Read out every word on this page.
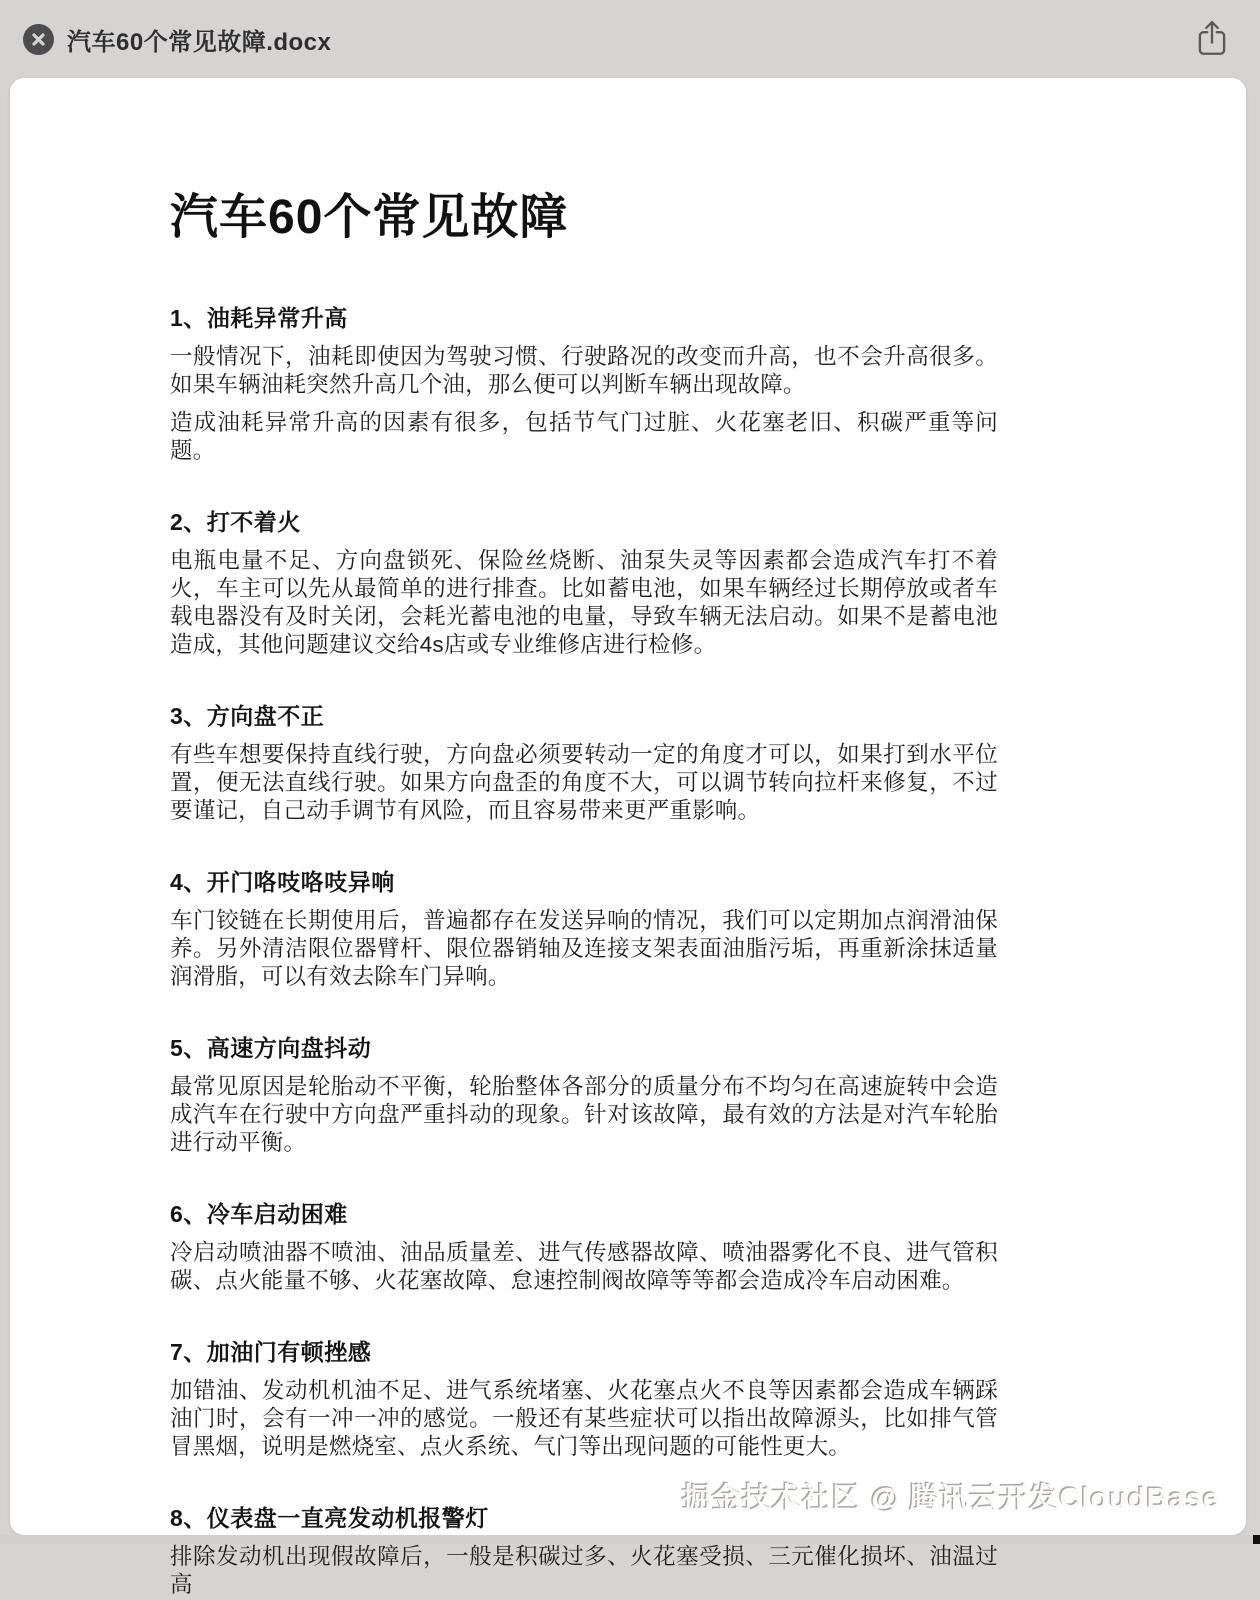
汽车60个常见故障.docx
汽车60个常见故障
1、油耗异常升高

一般情况下，油耗即使因为驾驶习惯、行驶路况的改变而升高，也不会升高很多。如果车辆油耗突然升高几个油，那么便可以判断车辆出现故障。

造成油耗异常升高的因素有很多，包括节气门过脏、火花塞老旧、积碳严重等问题。

2、打不着火

电瓶电量不足、方向盘锁死、保险丝烧断、油泵失灵等因素都会造成汽车打不着火，车主可以先从最简单的进行排查。比如蓄电池，如果车辆经过长期停放或者车载电器没有及时关闭，会耗光蓄电池的电量，导致车辆无法启动。如果不是蓄电池造成，其他问题建议交给4s店或专业维修店进行检修。

3、方向盘不正

有些车想要保持直线行驶，方向盘必须要转动一定的角度才可以，如果打到水平位置，便无法直线行驶。如果方向盘歪的角度不大，可以调节转向拉杆来修复，不过要谨记，自己动手调节有风险，而且容易带来更严重影响。

4、开门咯吱咯吱异响

车门铰链在长期使用后，普遍都存在发送异响的情况，我们可以定期加点润滑油保养。另外清洁限位器臂杆、限位器销轴及连接支架表面油脂污垢，再重新涂抹适量润滑脂，可以有效去除车门异响。

5、高速方向盘抖动

最常见原因是轮胎动不平衡，轮胎整体各部分的质量分布不均匀在高速旋转中会造成汽车在行驶中方向盘严重抖动的现象。针对该故障，最有效的方法是对汽车轮胎进行动平衡。

6、冷车启动困难

冷启动喷油器不喷油、油品质量差、进气传感器故障、喷油器雾化不良、进气管积碳、点火能量不够、火花塞故障、怠速控制阀故障等等都会造成冷车启动困难。

7、加油门有顿挫感

加错油、发动机机油不足、进气系统堵塞、火花塞点火不良等因素都会造成车辆踩油门时，会有一冲一冲的感觉。一般还有某些症状可以指出故障源头，比如排气管冒黑烟，说明是燃烧室、点火系统、气门等出现问题的可能性更大。

8、仪表盘一直亮发动机报警灯

排除发动机出现假故障后，一般是积碳过多、火花塞受损、三元催化损坏、油温过高

掘金技术社区 @ 腾讯云开发CloudBase
